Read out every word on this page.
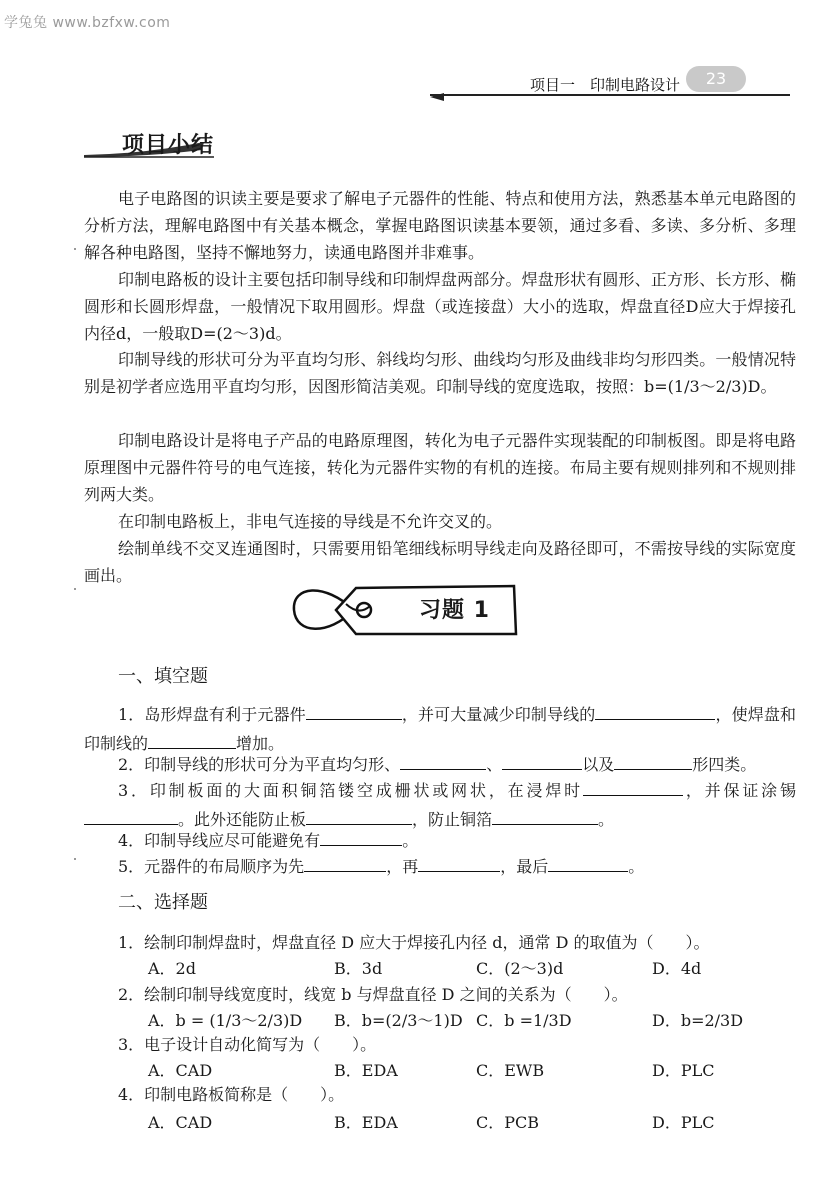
学兔兔 www.bzfxw.com
项目一　印制电路设计	23
项目小结

电子电路图的识读主要是要求了解电子元器件的性能、特点和使用方法，熟悉基本单元电路图的分析方法，理解电路图中有关基本概念，掌握电路图识读基本要领，通过多看、多读、多分析、多理解各种电路图，坚持不懈地努力，读通电路图并非难事。

印制电路板的设计主要包括印制导线和印制焊盘两部分。焊盘形状有圆形、正方形、长方形、椭圆形和长圆形焊盘，一般情况下取用圆形。焊盘（或连接盘）大小的选取，焊盘直径D应大于焊接孔内径d，一般取D=(2～3)d。

印制导线的形状可分为平直均匀形、斜线均匀形、曲线均匀形及曲线非均匀形四类。一般情况特别是初学者应选用平直均匀形，因图形简洁美观。印制导线的宽度选取，按照：b=(1/3～2/3)D。

印制电路设计是将电子产品的电路原理图，转化为电子元器件实现装配的印制板图。即是将电路原理图中元器件符号的电气连接，转化为元器件实物的有机的连接。布局主要有规则排列和不规则排列两大类。

在印制电路板上，非电气连接的导线是不允许交叉的。

绘制单线不交叉连通图时，只需要用铅笔细线标明导线走向及路径即可，不需按导线的实际宽度画出。

习题 1
一、填空题

1．岛形焊盘有利于元器件	，并可大量减少印制导线的	，使焊盘和印制线的	增加。

2．印制导线的形状可分为平直均匀形、	、	以及	形四类。

3．印制板面的大面积铜箔镂空成栅状或网状，在浸焊时	，并保证涂锡。此外还能防止板	，防止铜箔	。

4．印制导线应尽可能避免有	。

5．元器件的布局顺序为先	，再	，最后	。

二、选择题
1．绘制印制焊盘时，焊盘直径 D 应大于焊接孔内径 d，通常 D 的取值为（　　）。
A．2d	B．3d	C．(2～3)d	D．4d
2．绘制印制导线宽度时，线宽 b 与焊盘直径 D 之间的关系为（　　）。
A．b = (1/3～2/3)D B．b=(2/3～1)D C．b =1/3D	D．b=2/3D
3．电子设计自动化简写为（　　）。
A．CAD	B．EDA	C．EWB	D．PLC
4．印制电路板简称是（　　）。
A．CAD	B．EDA	C．PCB	D．PLC
